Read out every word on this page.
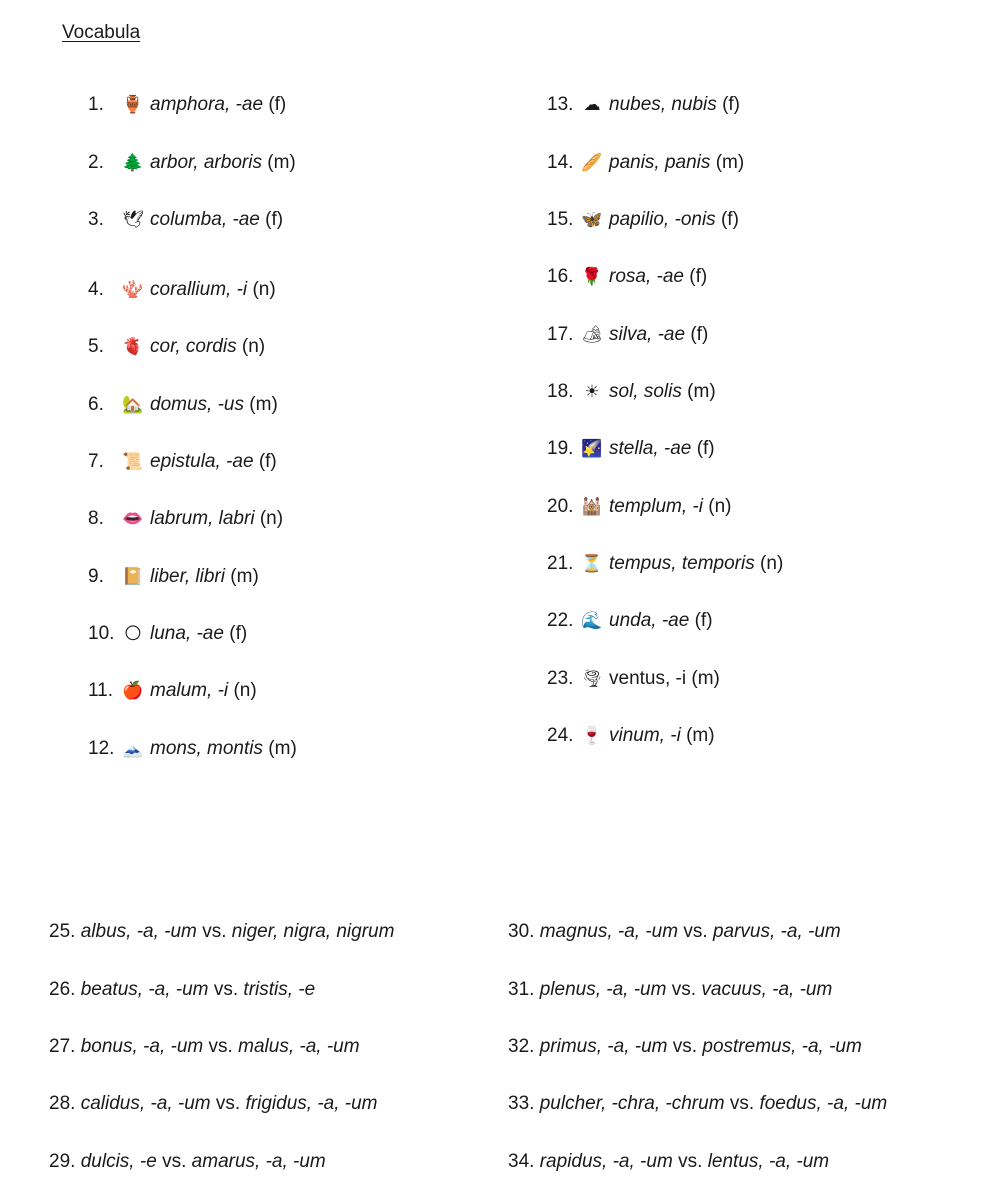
Vocabula
1.	🏺 amphora, -ae (f)
2.	🌲 arbor, arboris (m)
3.	🕊 columba, -ae (f)
4.	🪸 corallium, -i (n)
5.	🫀 cor, cordis (n)
6.	🏡 domus, -us (m)
7.	📜 epistula, -ae (f)
8.	👄 labrum, labri (n)
9.	📔 liber, libri (m)
10. 🌕 luna, -ae (f)
11. 🍎 malum, -i (n)
12. 🗻 mons, montis (m)
13. ☁ nubes, nubis (f)
14. 🥖 panis, panis (m)
15. 🦋 papilio, -onis (f)
16. 🌹 rosa, -ae (f)
17. 🏕 silva, -ae (f)
18. ☀ sol, solis (m)
19. 🌠 stella, -ae (f)
20. 🕍 templum, -i (n)
21. ⏳ tempus, temporis (n)
22. 🌊 unda, -ae (f)
23. 🌪 ventus, -i (m)
24. 🍷 vinum, -i (m)
25. albus, -a, -um vs. niger, nigra, nigrum
26. beatus, -a, -um vs. tristis, -e
27. bonus, -a, -um vs. malus, -a, -um
28. calidus, -a, -um vs. frigidus, -a, -um
29. dulcis, -e vs. amarus, -a, -um
30. magnus, -a, -um vs. parvus, -a, -um
31. plenus, -a, -um vs. vacuus, -a, -um
32. primus, -a, -um vs. postremus, -a, -um
33. pulcher, -chra, -chrum vs. foedus, -a, -um
34. rapidus, -a, -um vs. lentus, -a, -um
